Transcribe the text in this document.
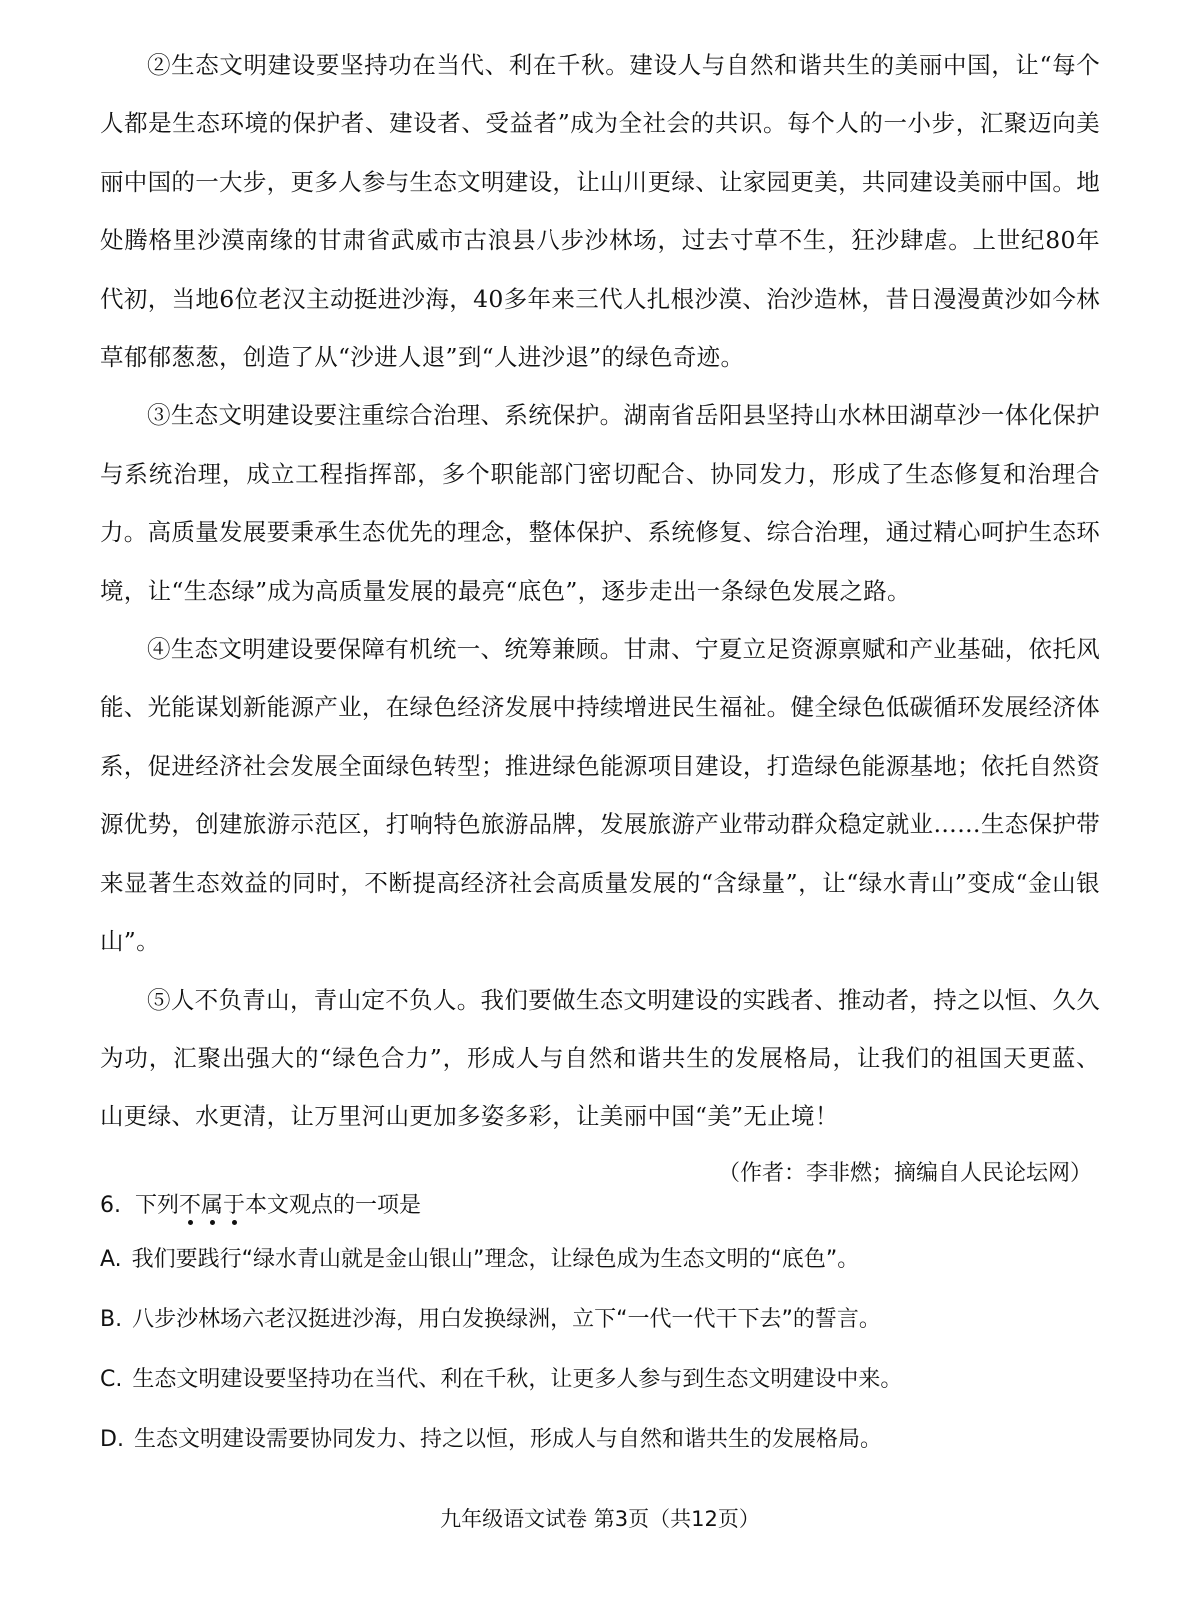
②生态文明建设要坚持功在当代、利在千秋。建设人与自然和谐共生的美丽中国，让“每个人都是生态环境的保护者、建设者、受益者”成为全社会的共识。每个人的一小步，汇聚迈向美丽中国的一大步，更多人参与生态文明建设，让山川更绿、让家园更美，共同建设美丽中国。地处腾格里沙漠南缘的甘肃省武威市古浪县八步沙林场，过去寸草不生，狂沙肆虐。上世纪80年代初，当地6位老汉主动挺进沙海，40多年来三代人扎根沙漠、治沙造林，昔日漫漫黄沙如今林草郁郁葱葱，创造了从“沙进人退”到“人进沙退”的绿色奇迹。

③生态文明建设要注重综合治理、系统保护。湖南省岳阳县坚持山水林田湖草沙一体化保护与系统治理，成立工程指挥部，多个职能部门密切配合、协同发力，形成了生态修复和治理合力。高质量发展要秉承生态优先的理念，整体保护、系统修复、综合治理，通过精心呵护生态环境，让“生态绿”成为高质量发展的最亮“底色”，逐步走出一条绿色发展之路。

④生态文明建设要保障有机统一、统筹兼顾。甘肃、宁夏立足资源禀赋和产业基础，依托风能、光能谋划新能源产业，在绿色经济发展中持续增进民生福祉。健全绿色低碳循环发展经济体系，促进经济社会发展全面绿色转型；推进绿色能源项目建设，打造绿色能源基地；依托自然资源优势，创建旅游示范区，打响特色旅游品牌，发展旅游产业带动群众稳定就业……生态保护带来显著生态效益的同时，不断提高经济社会高质量发展的“含绿量”，让“绿水青山”变成“金山银山”。

⑤人不负青山，青山定不负人。我们要做生态文明建设的实践者、推动者，持之以恒、久久为功，汇聚出强大的“绿色合力”，形成人与自然和谐共生的发展格局，让我们的祖国天更蓝、山更绿、水更清，让万里河山更加多姿多彩，让美丽中国“美”无止境！

（作者：李非燃；摘编自人民论坛网）

6. 下列不属于
本文观点的一项是

A. 我们要践行“绿水青山就是金山银山”理念，让绿色成为生态文明的“底色”。

B. 八步沙林场六老汉挺进沙海，用白发换绿洲，立下“一代一代干下去”的誓言。

C. 生态文明建设要坚持功在当代、利在千秋，让更多人参与到生态文明建设中来。

D. 生态文明建设需要协同发力、持之以恒，形成人与自然和谐共生的发展格局。

九年级语文试卷 第3页（共12页）
